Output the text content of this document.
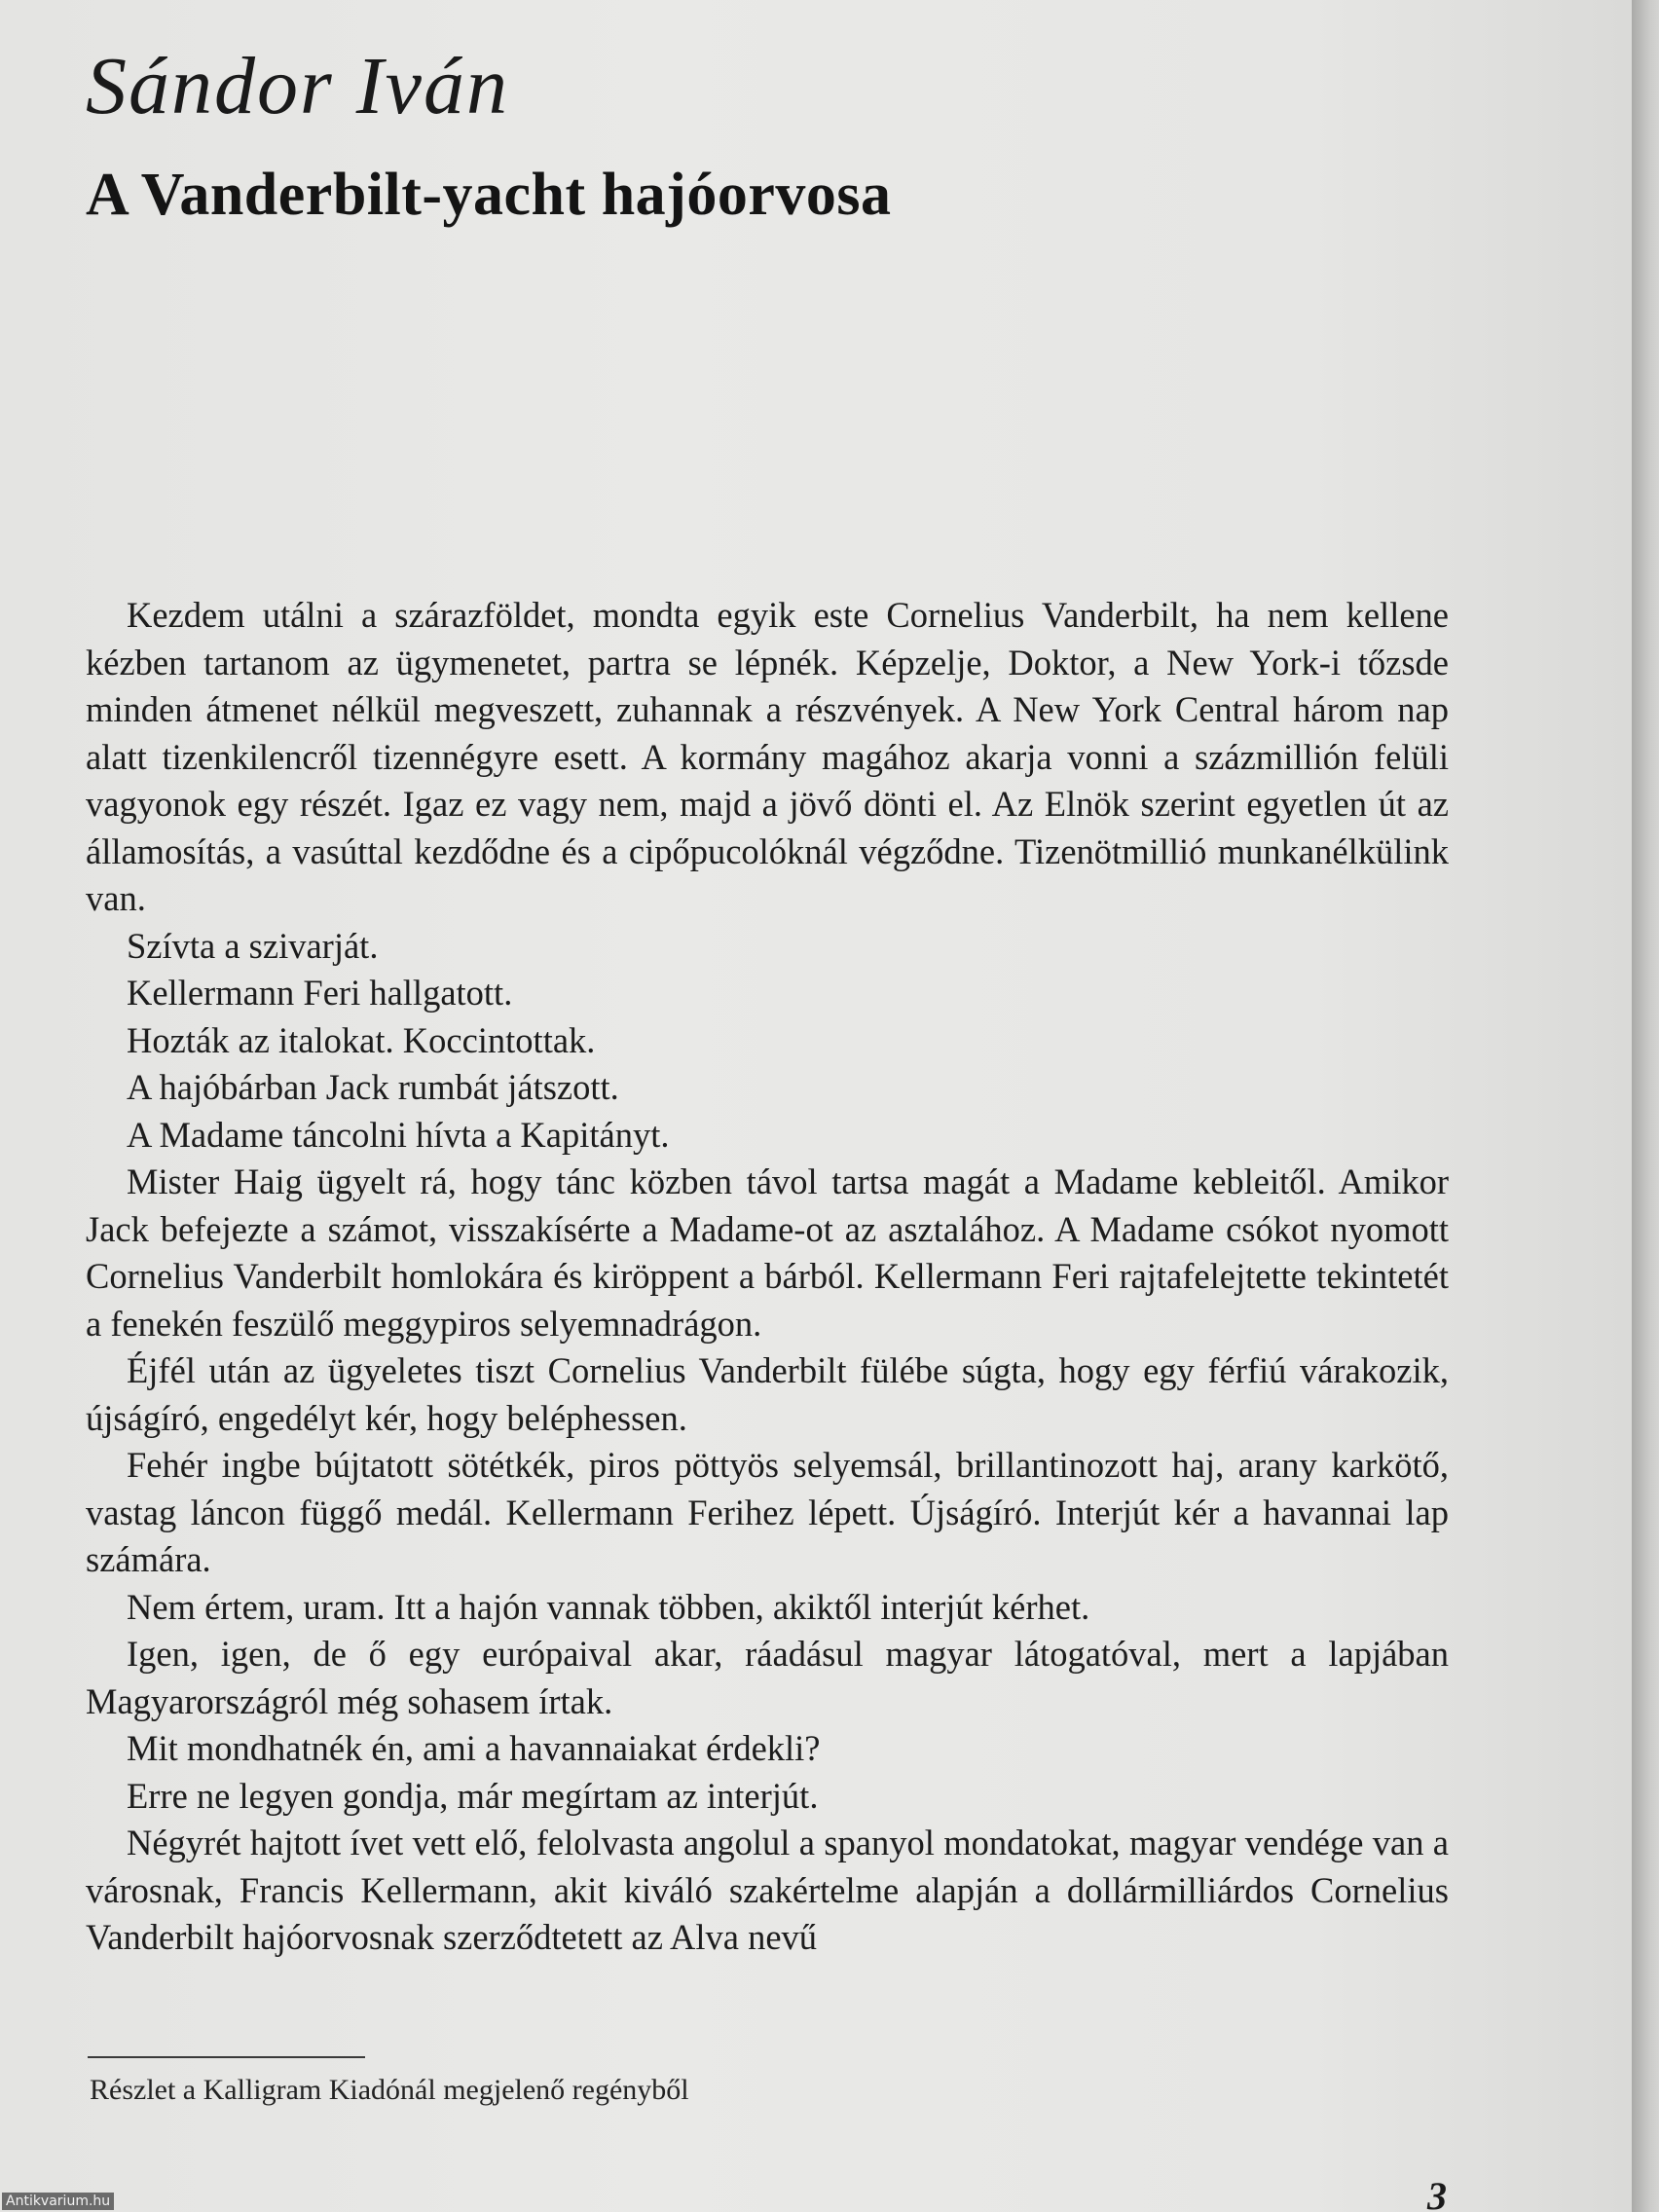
Sándor Iván
A Vanderbilt-yacht hajóorvosa

Kezdem utálni a szárazföldet, mondta egyik este Cornelius Vanderbilt, ha nem kellene kézben tartanom az ügymenetet, partra se lépnék. Képzelje, Doktor, a New York-i tőzsde minden átmenet nélkül megveszett, zuhannak a részvények. A New York Central három nap alatt tizenkilencről tizennégyre esett. A kormány magához akarja vonni a százmillión felüli vagyonok egy részét. Igaz ez vagy nem, majd a jövő dönti el. Az Elnök szerint egyetlen út az államosítás, a vasúttal kezdődne és a cipőpucolóknál végződne. Tizenötmillió munkanélkülink van.

Szívta a szivarját.

Kellermann Feri hallgatott.

Hozták az italokat. Koccintottak.

A hajóbárban Jack rumbát játszott.

A Madame táncolni hívta a Kapitányt.

Mister Haig ügyelt rá, hogy tánc közben távol tartsa magát a Madame kebleitől. Amikor Jack befejezte a számot, visszakísérte a Madame-ot az asztalához. A Madame csókot nyomott Cornelius Vanderbilt homlokára és kiröppent a bárból. Kellermann Feri rajtafelejtette tekintetét a fenekén feszülő meggypiros selyemnadrágon.

Éjfél után az ügyeletes tiszt Cornelius Vanderbilt fülébe súgta, hogy egy férfiú várakozik, újságíró, engedélyt kér, hogy beléphessen.

Fehér ingbe bújtatott sötétkék, piros pöttyös selyemsál, brillantinozott haj, arany karkötő, vastag láncon függő medál. Kellermann Ferihez lépett. Újságíró. Interjút kér a havannai lap számára.

Nem értem, uram. Itt a hajón vannak többen, akiktől interjút kérhet.

Igen, igen, de ő egy európaival akar, ráadásul magyar látogatóval, mert a lapjában Magyarországról még sohasem írtak.

Mit mondhatnék én, ami a havannaiakat érdekli?

Erre ne legyen gondja, már megírtam az interjút.

Négyrét hajtott ívet vett elő, felolvasta angolul a spanyol mondatokat, magyar vendége van a városnak, Francis Kellermann, akit kiváló szakértelme alapján a dollármilliárdos Cornelius Vanderbilt hajóorvosnak szerződtetett az Alva nevű

Részlet a Kalligram Kiadónál megjelenő regényből
3
Antikvarium.hu
